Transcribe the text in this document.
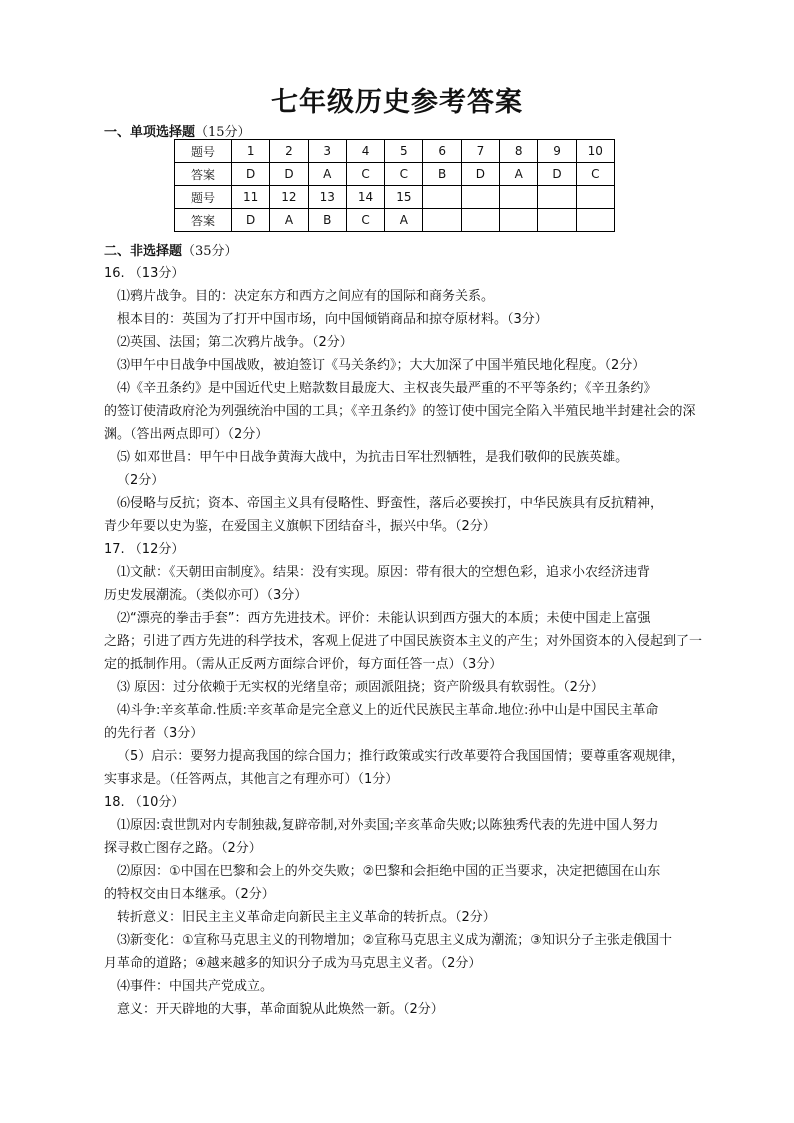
七年级历史参考答案
一、单项选择题（15分）
题号	1	2	3	4	5	6	7	8	9	10
答案	D	D	A	C	C	B	D	A	D	C
题号	11	12	13	14	15					
答案	D	A	B	C	A					
二、非选择题（35分）

16. （13分）

⑴鸦片战争。目的：决定东方和西方之间应有的国际和商务关系。

根本目的：英国为了打开中国市场，向中国倾销商品和掠夺原材料。（3分）

⑵英国、法国；第二次鸦片战争。（2分）

⑶甲午中日战争中国战败，被迫签订《马关条约》；大大加深了中国半殖民地化程度。（2分）

⑷《辛丑条约》是中国近代史上赔款数目最庞大、主权丧失最严重的不平等条约；《辛丑条约》

的签订使清政府沦为列强统治中国的工具；《辛丑条约》的签订使中国完全陷入半殖民地半封建社会的深

渊。（答出两点即可）（2分）

⑸ 如邓世昌：甲午中日战争黄海大战中，为抗击日军壮烈牺牲，是我们敬仰的民族英雄。

（2分）

⑹侵略与反抗；资本、帝国主义具有侵略性、野蛮性，落后必要挨打，中华民族具有反抗精神，

青少年要以史为鉴，在爱国主义旗帜下团结奋斗，振兴中华。（2分）

17. （12分）

⑴文献：《天朝田亩制度》。结果：没有实现。原因：带有很大的空想色彩，追求小农经济违背

历史发展潮流。（类似亦可）（3分）

⑵“漂亮的拳击手套”：西方先进技术。评价：未能认识到西方强大的本质；未使中国走上富强

之路；引进了西方先进的科学技术，客观上促进了中国民族资本主义的产生；对外国资本的入侵起到了一

定的抵制作用。（需从正反两方面综合评价，每方面任答一点）（3分）

⑶ 原因：过分依赖于无实权的光绪皇帝；顽固派阻挠；资产阶级具有软弱性。（2分）

⑷斗争:辛亥革命.性质:辛亥革命是完全意义上的近代民族民主革命.地位:孙中山是中国民主革命

的先行者（3分）

（5）启示：要努力提高我国的综合国力；推行政策或实行改革要符合我国国情；要尊重客观规律，

实事求是。（任答两点，其他言之有理亦可）（1分）

18. （10分）

⑴原因:袁世凯对内专制独裁,复辟帝制,对外卖国;辛亥革命失败;以陈独秀代表的先进中国人努力

探寻救亡图存之路。（2分）

⑵原因：①中国在巴黎和会上的外交失败；②巴黎和会拒绝中国的正当要求，决定把德国在山东

的特权交由日本继承。（2分）

转折意义：旧民主主义革命走向新民主主义革命的转折点。（2分）

⑶新变化：①宣称马克思主义的刊物增加；②宣称马克思主义成为潮流；③知识分子主张走俄国十

月革命的道路；④越来越多的知识分子成为马克思主义者。（2分）

⑷事件：中国共产党成立。

意义：开天辟地的大事，革命面貌从此焕然一新。（2分）
